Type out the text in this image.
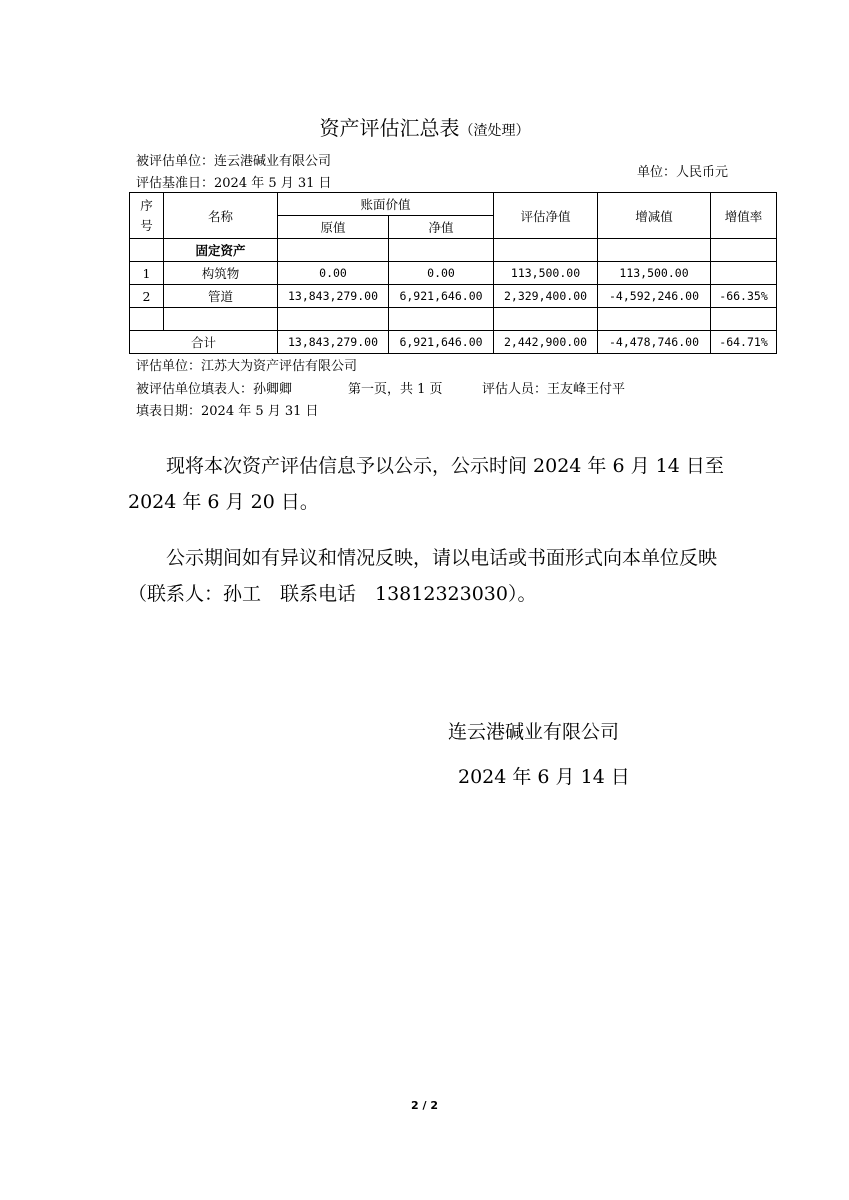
资产评估汇总表（渣处理）
被评估单位：连云港碱业有限公司
单位：人民币元
评估基准日：2024 年 5 月 31 日
序
号	名称	账面价值		评估净值	增减值	增值率
		原值	净值			
	固定资产					
1	构筑物	0.00	0.00	113,500.00	113,500.00	
2	管道	13,843,279.00	6,921,646.00	2,329,400.00	-4,592,246.00	-66.35%

合计		13,843,279.00	6,921,646.00	2,442,900.00	-4,478,746.00	-64.71%
评估单位：江苏大为资产评估有限公司
被评估单位填表人：孙卿卿	第一页，共 1 页	评估人员：王友峰王付平
填表日期：2024 年 5 月 31 日
现将本次资产评估信息予以公示，公示时间 2024 年 6 月 14 日至 2024 年 6 月 20 日。
公示期间如有异议和情况反映，请以电话或书面形式向本单位反映（联系人：孙工　联系电话　13812323030）。
连云港碱业有限公司
2024 年 6 月 14 日
2 / 2
